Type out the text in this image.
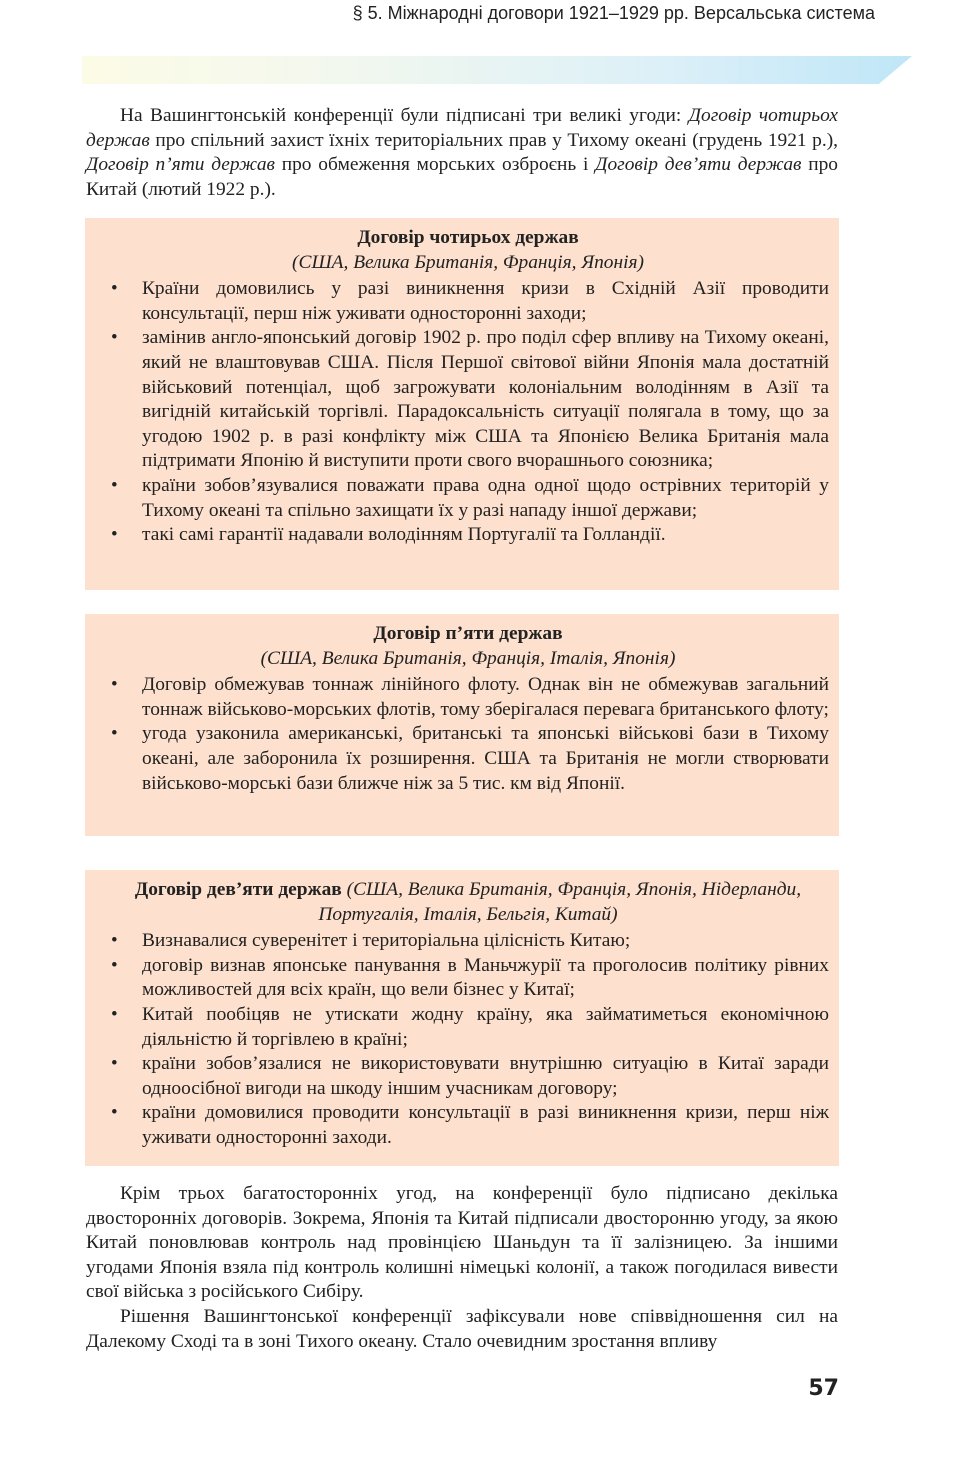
§ 5. Міжнародні договори 1921–1929 рр. Версальська система

На Вашингтонській конференції були підписані три великі угоди: Договір чотирьох держав про спільний захист їхніх територіальних прав у Тихому океані (грудень 1921 р.), Договір п’яти держав про обмеження морських озброєнь і Договір дев’яти держав про Китай (лютий 1922 р.).

Договір чотирьох держав

(США, Велика Британія, Франція, Японія)

• Країни домовились у разі виникнення кризи в Східній Азії проводити консультації, перш ніж уживати односторонні заходи;
• замінив англо-японський договір 1902 р. про поділ сфер впливу на Тихому океані, який не влаштовував США. Після Першої світової війни Японія мала достатній військовий потенціал, щоб загрожувати колоніальним володінням в Азії та вигідній китайській торгівлі. Парадоксальність ситуації полягала в тому, що за угодою 1902 р. в разі конфлікту між США та Японією Велика Британія мала підтримати Японію й виступити проти свого вчорашнього союзника;
• країни зобов’язувалися поважати права одна одної щодо острівних територій у Тихому океані та спільно захищати їх у разі нападу іншої держави;
• такі самі гарантії надавали володінням Португалії та Голландії.

Договір п’яти держав

(США, Велика Британія, Франція, Італія, Японія)

• Договір обмежував тоннаж лінійного флоту. Однак він не обмежував загальний тоннаж військово-морських флотів, тому зберігалася перевага британського флоту;
• угода узаконила американські, британські та японські військові бази в Тихому океані, але заборонила їх розширення. США та Британія не могли створювати військово-морські бази ближче ніж за 5 тис. км від Японії.

Договір дев’яти держав (США, Велика Британія, Франція, Японія, Нідерланди, Португалія, Італія, Бельгія, Китай)

• Визнавалися суверенітет і територіальна цілісність Китаю;
• договір визнав японське панування в Маньчжурії та проголосив політику рівних можливостей для всіх країн, що вели бізнес у Китаї;
• Китай пообіцяв не утискати жодну країну, яка займатиметься економічною діяльністю й торгівлею в країні;
• країни зобов’язалися не використовувати внутрішню ситуацію в Китаї заради одноосібної вигоди на шкоду іншим учасникам договору;
• країни домовилися проводити консультації в разі виникнення кризи, перш ніж уживати односторонні заходи.

Крім трьох багатосторонніх угод, на конференції було підписано декілька двосторонніх договорів. Зокрема, Японія та Китай підписали двосторонню угоду, за якою Китай поновлював контроль над провінцією Шаньдун та її залізницею. За іншими угодами Японія взяла під контроль колишні німецькі колонії, а також погодилася вивести свої війська з російського Сибіру.

Рішення Вашингтонської конференції зафіксували нове співвідношення сил на Далекому Сході та в зоні Тихого океану. Стало очевидним зростання впливу

57
